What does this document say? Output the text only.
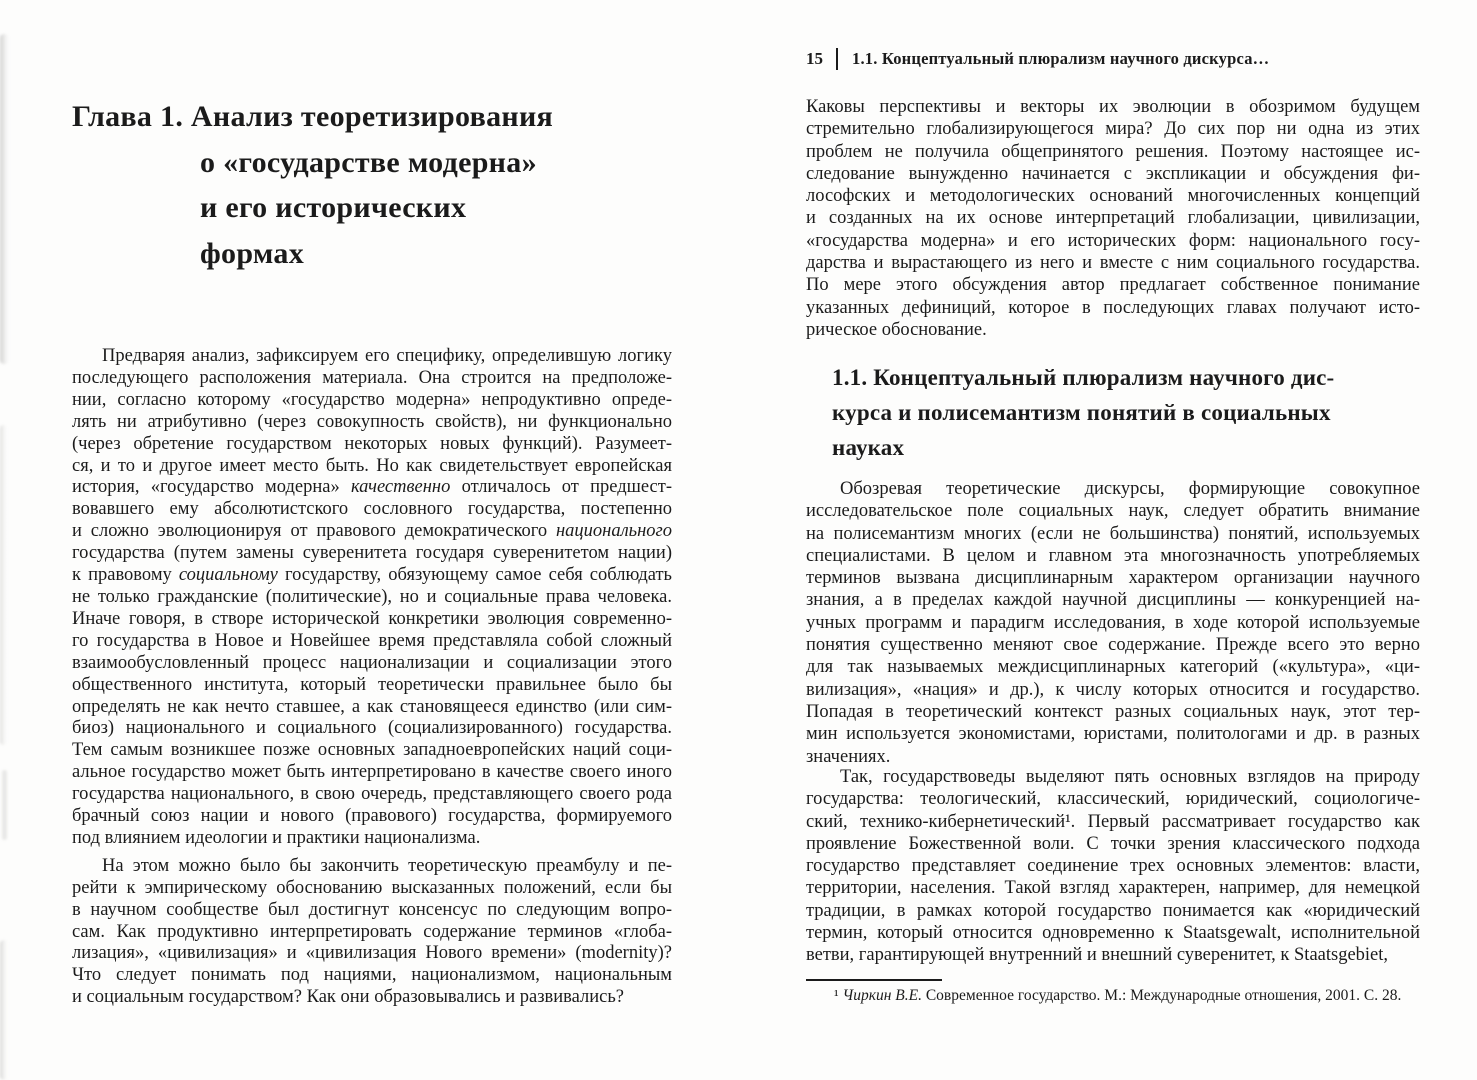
Глава 1. Анализ теоретизирования
о «государстве модерна»
и его исторических
формах
Предваряя анализ, зафиксируем его специфику, определившую логику
последующего расположения материала. Она строится на предположе-
нии, согласно которому «государство модерна» непродуктивно опреде-
лять ни атрибутивно (через совокупность свойств), ни функционально
(через обретение государством некоторых новых функций). Разумеет-
ся, и то и другое имеет место быть. Но как свидетельствует европейская
история, «государство модерна» качественно отличалось от предшест-
вовавшего ему абсолютистского сословного государства, постепенно
и сложно эволюционируя от правового демократического национального
государства (путем замены суверенитета государя суверенитетом нации)
к правовому социальному государству, обязующему самое себя соблюдать
не только гражданские (политические), но и социальные права человека.
Иначе говоря, в створе исторической конкретики эволюция современно-
го государства в Новое и Новейшее время представляла собой сложный
взаимообусловленный процесс национализации и социализации этого
общественного института, который теоретически правильнее было бы
определять не как нечто ставшее, а как становящееся единство (или сим-
биоз) национального и социального (социализированного) государства.
Тем самым возникшее позже основных западноевропейских наций соци-
альное государство может быть интерпретировано в качестве своего иного
государства национального, в свою очередь, представляющего своего рода
брачный союз нации и нового (правового) государства, формируемого
под влиянием идеологии и практики национализма.
На этом можно было бы закончить теоретическую преамбулу и пе-
рейти к эмпирическому обоснованию высказанных положений, если бы
в научном сообществе был достигнут консенсус по следующим вопро-
сам. Как продуктивно интерпретировать содержание терминов «глоба-
лизация», «цивилизация» и «цивилизация Нового времени» (modernity)?
Что следует понимать под нациями, национализмом, национальным
и социальным государством? Как они образовывались и развивались?
15 1.1. Концептуальный плюрализм научного дискурса…
Каковы перспективы и векторы их эволюции в обозримом будущем
стремительно глобализирующегося мира? До сих пор ни одна из этих
проблем не получила общепринятого решения. Поэтому настоящее ис-
следование вынужденно начинается с экспликации и обсуждения фи-
лософских и методологических оснований многочисленных концепций
и созданных на их основе интерпретаций глобализации, цивилизации,
«государства модерна» и его исторических форм: национального госу-
дарства и вырастающего из него и вместе с ним социального государства.
По мере этого обсуждения автор предлагает собственное понимание
указанных дефиниций, которое в последующих главах получают исто-
рическое обоснование.
1.1. Концептуальный плюрализм научного дис-
курса и полисемантизм понятий в социальных
науках
Обозревая теоретические дискурсы, формирующие совокупное
исследовательское поле социальных наук, следует обратить внимание
на полисемантизм многих (если не большинства) понятий, используемых
специалистами. В целом и главном эта многозначность употребляемых
терминов вызвана дисциплинарным характером организации научного
знания, а в пределах каждой научной дисциплины — конкуренцией на-
учных программ и парадигм исследования, в ходе которой используемые
понятия существенно меняют свое содержание. Прежде всего это верно
для так называемых междисциплинарных категорий («культура», «ци-
вилизация», «нация» и др.), к числу которых относится и государство.
Попадая в теоретический контекст разных социальных наук, этот тер-
мин используется экономистами, юристами, политологами и др. в разных
значениях.
Так, государствоведы выделяют пять основных взглядов на природу
государства: теологический, классический, юридический, социологиче-
ский, технико-кибернетический¹. Первый рассматривает государство как
проявление Божественной воли. С точки зрения классического подхода
государство представляет соединение трех основных элементов: власти,
территории, населения. Такой взгляд характерен, например, для немецкой
традиции, в рамках которой государство понимается как «юридический
термин, который относится одновременно к Staatsgewalt, исполнительной
ветви, гарантирующей внутренний и внешний суверенитет, к Staatsgebiet,
¹ Чиркин В.Е. Современное государство. М.: Международные отношения, 2001. С. 28.
